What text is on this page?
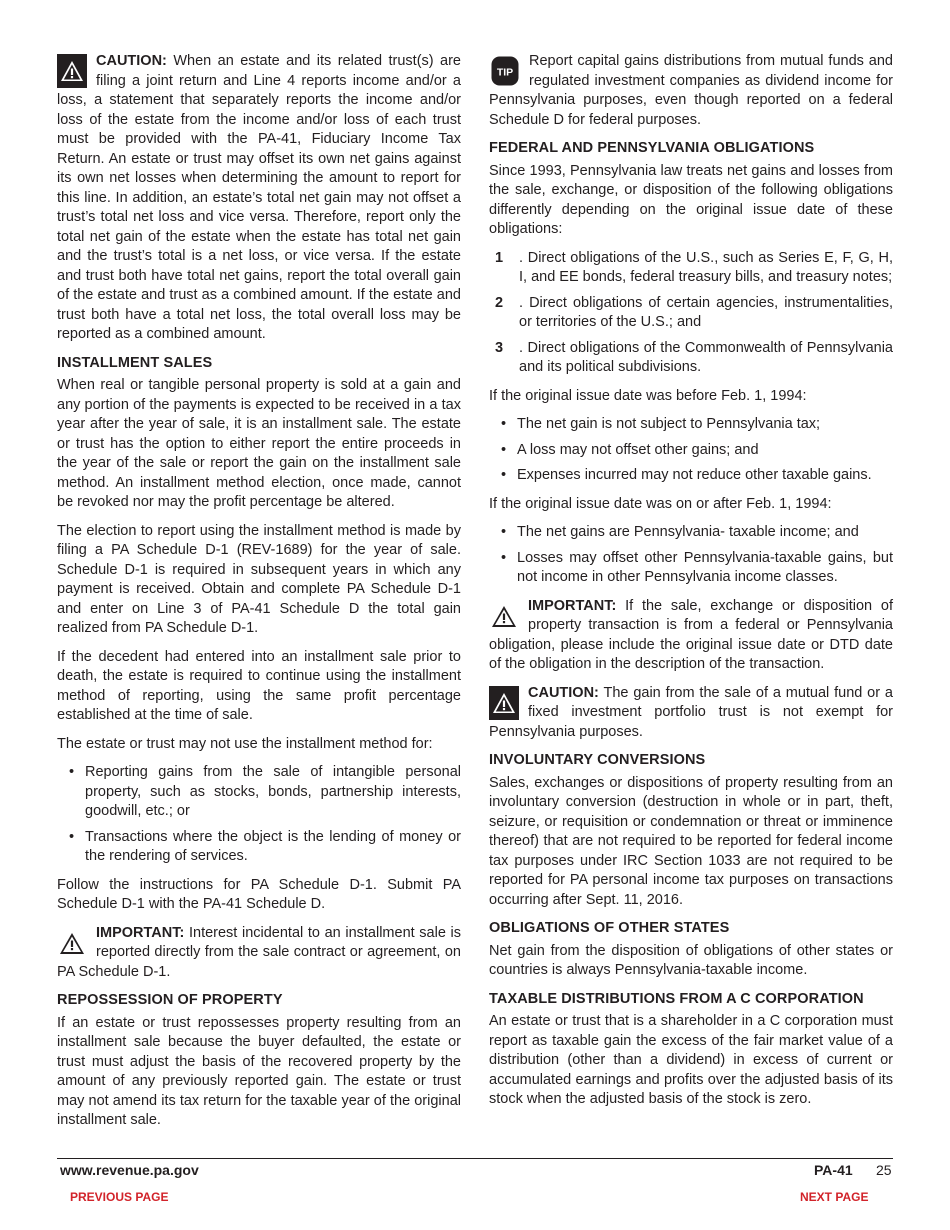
CAUTION: When an estate and its related trust(s) are filing a joint return and Line 4 reports income and/or a loss, a statement that separately reports the income and/or loss of the estate from the income and/or loss of each trust must be provided with the PA-41, Fiduciary Income Tax Return. An estate or trust may offset its own net gains against its own net losses when determining the amount to report for this line. In addition, an estate’s total net gain may not offset a trust’s total net loss and vice versa. Therefore, report only the total net gain of the estate when the estate has total net gain and the trust’s total is a net loss, or vice versa. If the estate and trust both have total net gains, report the total overall gain of the estate and trust as a combined amount. If the estate and trust both have a total net loss, the total overall loss may be reported as a combined amount.
INSTALLMENT SALES

When real or tangible personal property is sold at a gain and any portion of the payments is expected to be received in a tax year after the year of sale, it is an installment sale. The estate or trust has the option to either report the entire proceeds in the year of the sale or report the gain on the installment sale method. An installment method election, once made, cannot be revoked nor may the profit percentage be altered.

The election to report using the installment method is made by filing a PA Schedule D-1 (REV-1689) for the year of sale. Schedule D-1 is required in subsequent years in which any payment is received. Obtain and complete PA Schedule D-1 and enter on Line 3 of PA-41 Schedule D the total gain realized from PA Schedule D-1.

If the decedent had entered into an installment sale prior to death, the estate is required to continue using the installment method of reporting, using the same profit percentage established at the time of sale.

The estate or trust may not use the installment method for:

• Reporting gains from the sale of intangible personal property, such as stocks, bonds, partnership interests, goodwill, etc.; or
• Transactions where the object is the lending of money or the rendering of services.

Follow the instructions for PA Schedule D-1. Submit PA Schedule D-1 with the PA-41 Schedule D.

IMPORTANT: Interest incidental to an installment sale is reported directly from the sale contract or agreement, on PA Schedule D-1.
REPOSSESSION OF PROPERTY

If an estate or trust repossesses property resulting from an installment sale because the buyer defaulted, the estate or trust must adjust the basis of the recovered property by the amount of any previously reported gain. The estate or trust may not amend its tax return for the taxable year of the original installment sale.

TIP
Report capital gains distributions from mutual funds and regulated investment companies as dividend income for Pennsylvania purposes, even though reported on a federal Schedule D for federal purposes.
FEDERAL AND PENNSYLVANIA OBLIGATIONS

Since 1993, Pennsylvania law treats net gains and losses from the sale, exchange, or disposition of the following obligations differently depending on the original issue date of these obligations:

1 . Direct obligations of the U.S., such as Series E, F, G, H, I, and EE bonds, federal treasury bills, and treasury notes;
2 . Direct obligations of certain agencies, instrumentalities, or territories of the U.S.; and
3 . Direct obligations of the Commonwealth of Pennsylvania and its political subdivisions.

If the original issue date was before Feb. 1, 1994:

• The net gain is not subject to Pennsylvania tax;
• A loss may not offset other gains; and
• Expenses incurred may not reduce other taxable gains.

If the original issue date was on or after Feb. 1, 1994:

• The net gains are Pennsylvania- taxable income; and
• Losses may offset other Pennsylvania-taxable gains, but not income in other Pennsylvania income classes.
IMPORTANT: If the sale, exchange or disposition of property transaction is from a federal or Pennsylvania obligation, please include the original issue date or DTD date of the obligation in the description of the transaction.
CAUTION: The gain from the sale of a mutual fund or a fixed investment portfolio trust is not exempt for Pennsylvania purposes.
INVOLUNTARY CONVERSIONS

Sales, exchanges or dispositions of property resulting from an involuntary conversion (destruction in whole or in part, theft, seizure, or requisition or condemnation or threat or imminence thereof) that are not required to be reported for federal income tax purposes under IRC Section 1033 are not required to be reported for PA personal income tax purposes on transactions occurring after Sept. 11, 2016.

OBLIGATIONS OF OTHER STATES

Net gain from the disposition of obligations of other states or countries is always Pennsylvania-taxable income.

TAXABLE DISTRIBUTIONS FROM A C CORPORATION

An estate or trust that is a shareholder in a C corporation must report as taxable gain the excess of the fair market value of a distribution (other than a dividend) in excess of current or accumulated earnings and profits over the adjusted basis of its stock when the adjusted basis of the stock is zero.

www.revenue.pa.gov	PA-41 25
PREVIOUS PAGE	NEXT PAGE
